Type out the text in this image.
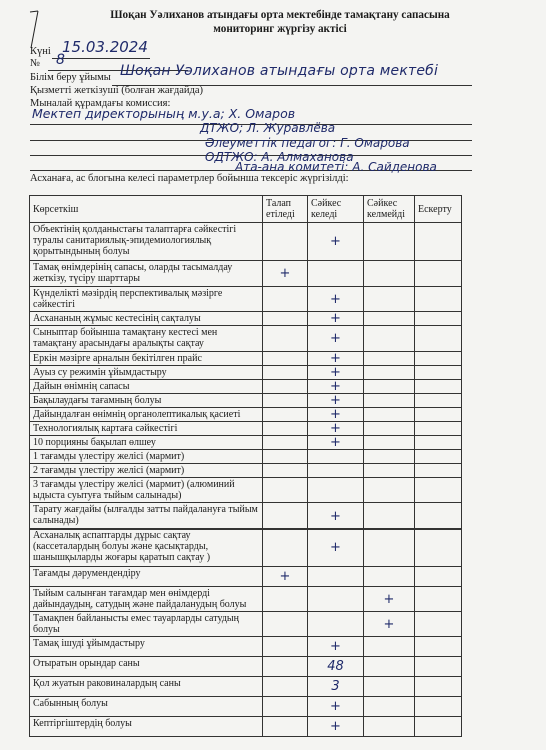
Шоқан Уәлиханов атындағы орта мектебінде тамақтану сапасына
мониторинг жүргізу актісі
Күні 15.03.2024
№ 8
Білім беру ұйымы Шоқан Уәлиханов атындағы орта мектебі
Қызметті жеткізуші (болған жағдайда)
Мыналай құрамдағы комиссия:
Мектеп директорының м.у.а; Х. Омаров
ДТЖО; Л. Журавлёва
Әлеуметтік педагог: Г. Омарова
ОДТЖО: А. Алмаханова
Ата-ана комитеті: А. Сайденова
Асханаға, ас блогына келесі параметрлер бойынша тексеріс жүргізілді:
Көрсеткіш	Талап етіледі	Сәйкес келеді	Сәйкес келмейді	Ескерту
Объектінің қолданыстағы талаптарға сәйкестігі туралы санитариялық-эпидемиологиялық қорытындының болуы		+		
Тамақ өнімдерінің сапасы, оларды тасымалдау жеткізу, түсіру шарттары	+			
Күнделікті мәзірдің перспективалық мәзірге сәйкестігі		+		
Асхананың жұмыс кестесінің сақталуы		+		
Сыныптар бойынша тамақтану кестесі мен тамақтану арасындағы аралықты сақтау		+		
Еркін мәзірге арналын бекітілген прайс		+		
Ауыз су режимін ұйымдастыру		+		
Дайын өнімнің сапасы		+		
Бақылаудағы тағамның болуы		+		
Дайындалған өнімнің органолептикалық қасиеті		+		
Технологиялық картаға сәйкестігі		+		
10 порцияны бақылап өлшеу		+		
1 тағамды үлестіру желісі (мармит)				
2 тағамды үлестіру желісі (мармит)				
3 тағамды үлестіру желісі (мармит) (алюминий ыдыста суытуға тыйым салынады)				
Тарату жағдайы (ылғалды затты пайдалануға тыйым салынады)		+		
Асханалық аспаптарды дұрыс сақтау (кассеталардың болуы және қасықтарды, шанышқыларды жоғары қаратып сақтау )		+		
Тағамды дәрумендендіру	+			
Тыйым салынған тағамдар мен өнімдерді дайындаудың, сатудың және пайдаланудың болуы			+	
Тамақпен байланысты емес тауарларды сатудың болуы			+	
Тамақ ішуді ұйымдастыру		+		
Отыратын орындар саны		48		
Қол жуатын раковиналардың саны		3		
Сабынның болуы		+		
Кептіргіштердің болуы		+		
